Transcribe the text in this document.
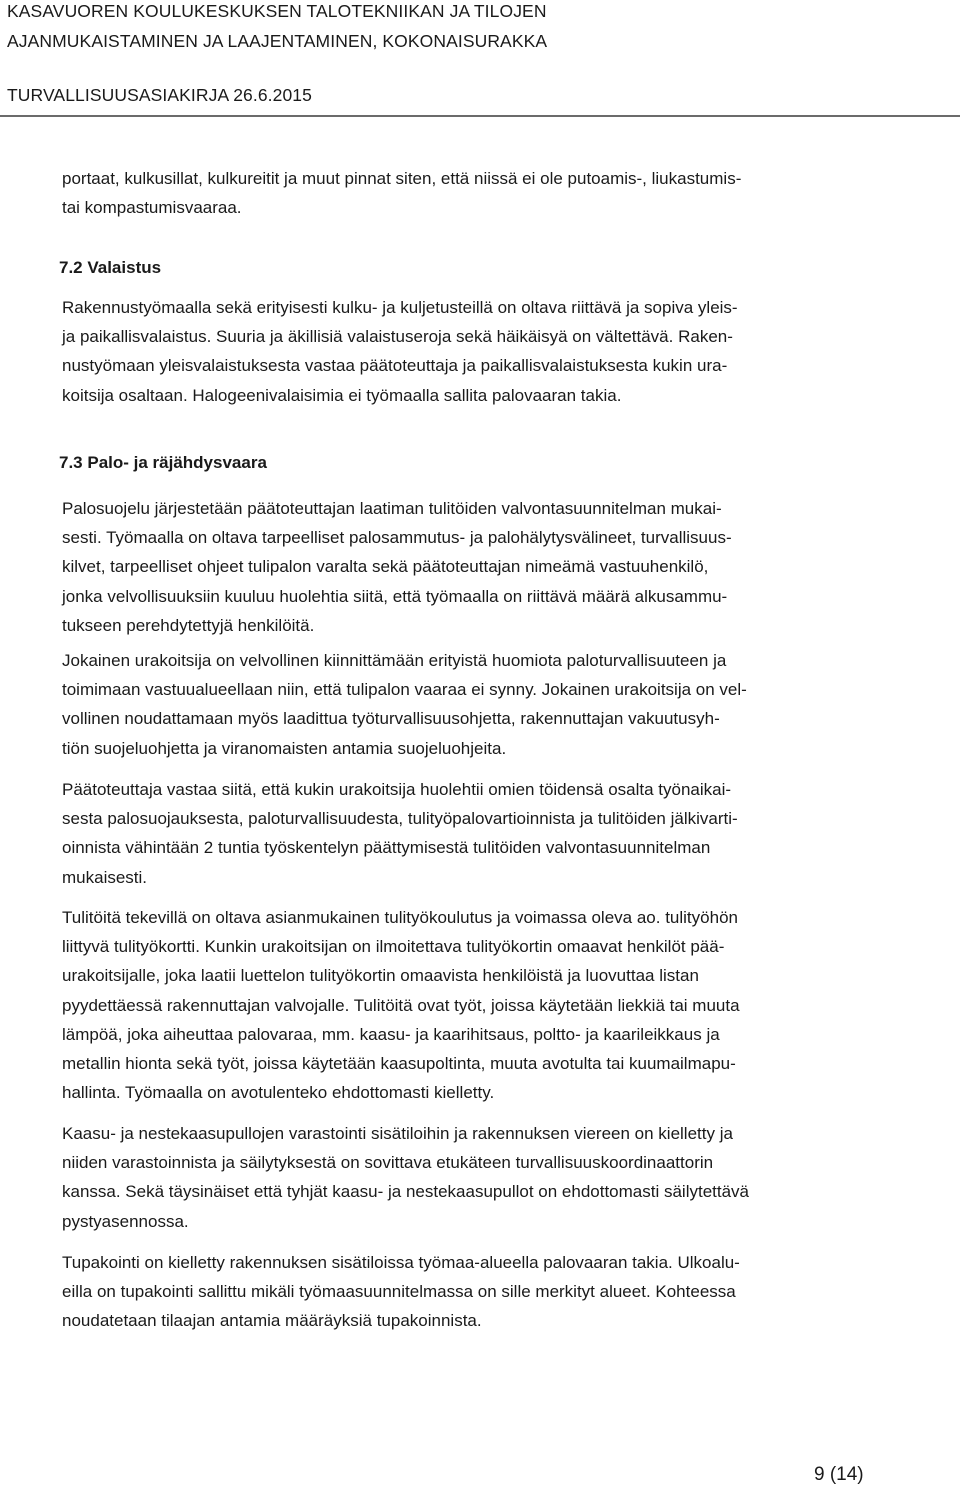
KASAVUOREN KOULUKESKUKSEN TALOTEKNIIKAN JA TILOJEN
AJANMUKAISTAMINEN JA LAAJENTAMINEN, KOKONAISURAKKA
TURVALLISUUSASIAKIRJA 26.6.2015
portaat, kulkusillat, kulkureitit ja muut pinnat siten, että niissä ei ole putoamis-, liukastumis-
tai kompastumisvaaraa.
7.2 Valaistus
Rakennustyömaalla sekä erityisesti kulku- ja kuljetusteillä on oltava riittävä ja sopiva yleis-
ja paikallisvalaistus. Suuria ja äkillisiä valaistuseroja sekä häikäisyä on vältettävä. Raken-
nustyömaan yleisvalaistuksesta vastaa päätoteuttaja ja paikallisvalaistuksesta kukin ura-
koitsija osaltaan. Halogeenivalaisimia ei työmaalla sallita palovaaran takia.
7.3 Palo- ja räjähdysvaara
Palosuojelu järjestetään päätoteuttajan laatiman tulitöiden valvontasuunnitelman mukai-
sesti. Työmaalla on oltava tarpeelliset palosammutus- ja palohälytysvälineet, turvallisuus-
kilvet, tarpeelliset ohjeet tulipalon varalta sekä päätoteuttajan nimeämä vastuuhenkilö,
jonka velvollisuuksiin kuuluu huolehtia siitä, että työmaalla on riittävä määrä alkusammu-
tukseen perehdytettyjä henkilöitä.
Jokainen urakoitsija on velvollinen kiinnittämään erityistä huomiota paloturvallisuuteen ja
toimimaan vastuualueellaan niin, että tulipalon vaaraa ei synny. Jokainen urakoitsija on vel-
vollinen noudattamaan myös laadittua työturvallisuusohjetta, rakennuttajan vakuutusyh-
tiön suojeluohjetta ja viranomaisten antamia suojeluohjeita.
Päätoteuttaja vastaa siitä, että kukin urakoitsija huolehtii omien töidensä osalta työnaikai-
sesta palosuojauksesta, paloturvallisuudesta, tulityöpalovartioinnista ja tulitöiden jälkivarti-
oinnista vähintään 2 tuntia työskentelyn päättymisestä tulitöiden valvontasuunnitelman
mukaisesti.
Tulitöitä tekevillä on oltava asianmukainen tulityökoulutus ja voimassa oleva ao. tulityöhön
liittyvä tulityökortti. Kunkin urakoitsijan on ilmoitettava tulityökortin omaavat henkilöt pää-
urakoitsijalle, joka laatii luettelon tulityökortin omaavista henkilöistä ja luovuttaa listan
pyydettäessä rakennuttajan valvojalle. Tulitöitä ovat työt, joissa käytetään liekkiä tai muuta
lämpöä, joka aiheuttaa palovaraa, mm. kaasu- ja kaarihitsaus, poltto- ja kaarileikkaus ja
metallin hionta sekä työt, joissa käytetään kaasupoltinta, muuta avotulta tai kuumailmapu-
hallinta. Työmaalla on avotulenteko ehdottomasti kielletty.
Kaasu- ja nestekaasupullojen varastointi sisätiloihin ja rakennuksen viereen on kielletty ja
niiden varastoinnista ja säilytyksestä on sovittava etukäteen turvallisuuskoordinaattorin
kanssa. Sekä täysinäiset että tyhjät kaasu- ja nestekaasupullot on ehdottomasti säilytettävä
pystyasennossa.
Tupakointi on kielletty rakennuksen sisätiloissa työmaa-alueella palovaaran takia. Ulkoalu-
eilla on tupakointi sallittu mikäli työmaasuunnitelmassa on sille merkityt alueet. Kohteessa
noudatetaan tilaajan antamia määräyksiä tupakoinnista.
9 (14)
